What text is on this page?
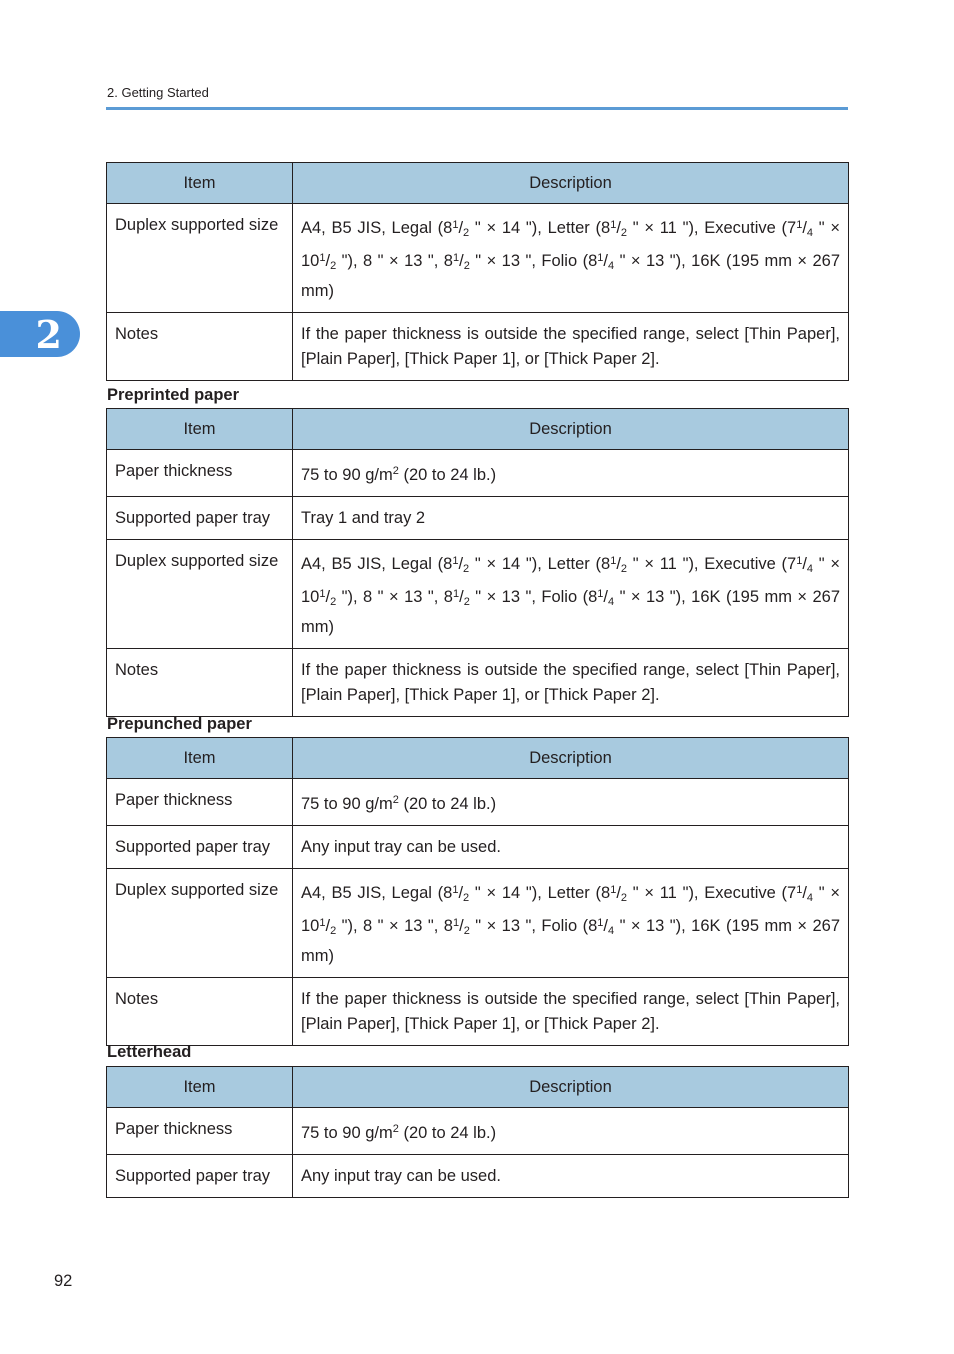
2. Getting Started
2
Item	Description
Duplex supported size	A4, B5 JIS, Legal ($8^1/_2$ " × 14 "), Letter ($8^1/_2$ " × 11 "), Executive ($7^1/_4$ " × $10^1/_2$ "), 8 " × 13 ", $8^1/_2$ " × 13 ", Folio ($8^1/_4$ " × 13 "), 16K (195 mm × 267 mm)
Notes	If the paper thickness is outside the specified range, select [Thin Paper], [Plain Paper], [Thick Paper 1], or [Thick Paper 2].
Preprinted paper
Item	Description
Paper thickness	75 to 90 $g/m^2$ (20 to 24 lb.)
Supported paper tray	Tray 1 and tray 2
Duplex supported size	A4, B5 JIS, Legal ($8^1/_2$ " × 14 "), Letter ($8^1/_2$ " × 11 "), Executive ($7^1/_4$ " × $10^1/_2$ "), 8 " × 13 ", $8^1/_2$ " × 13 ", Folio ($8^1/_4$ " × 13 "), 16K (195 mm × 267 mm)
Notes	If the paper thickness is outside the specified range, select [Thin Paper], [Plain Paper], [Thick Paper 1], or [Thick Paper 2].
Prepunched paper
Item	Description
Paper thickness	75 to 90 $g/m^2$ (20 to 24 lb.)
Supported paper tray	Any input tray can be used.
Duplex supported size	A4, B5 JIS, Legal ($8^1/_2$ " × 14 "), Letter ($8^1/_2$ " × 11 "), Executive ($7^1/_4$ " × $10^1/_2$ "), 8 " × 13 ", $8^1/_2$ " × 13 ", Folio ($8^1/_4$ " × 13 "), 16K (195 mm × 267 mm)
Notes	If the paper thickness is outside the specified range, select [Thin Paper], [Plain Paper], [Thick Paper 1], or [Thick Paper 2].
Letterhead
Item	Description
Paper thickness	75 to 90 $g/m^2$ (20 to 24 lb.)
Supported paper tray	Any input tray can be used.
92
